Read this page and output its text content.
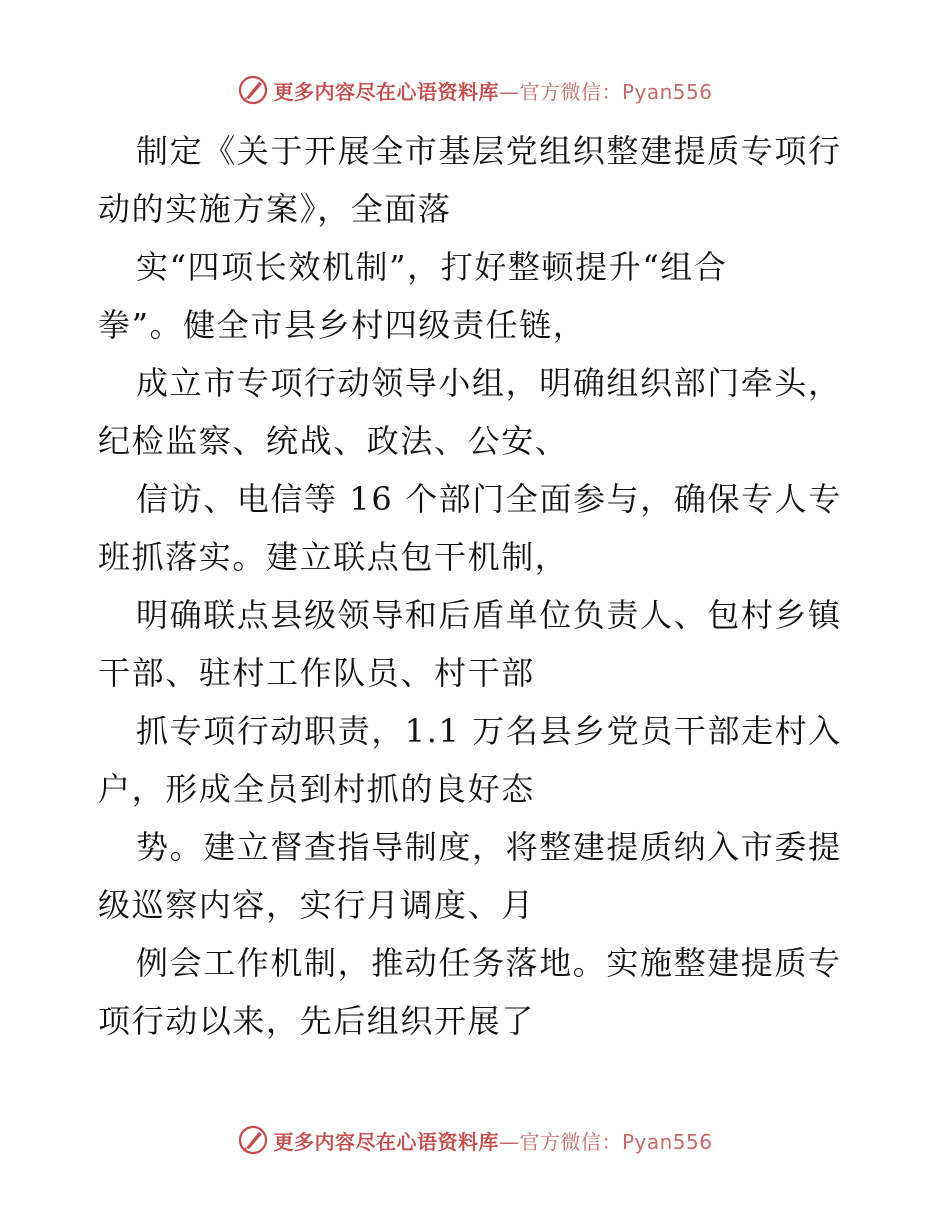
更多内容尽在心语资料库—官方微信：Pyan556
制定《关于开展全市基层党组织整建提质专项行
动的实施方案》，全面落
实“四项长效机制”，打好整顿提升“组合
拳”。健全市县乡村四级责任链，
成立市专项行动领导小组，明确组织部门牵头，
纪检监察、统战、政法、公安、
信访、电信等 16 个部门全面参与，确保专人专
班抓落实。建立联点包干机制，
明确联点县级领导和后盾单位负责人、包村乡镇
干部、驻村工作队员、村干部
抓专项行动职责，1.1 万名县乡党员干部走村入
户，形成全员到村抓的良好态
势。建立督查指导制度，将整建提质纳入市委提
级巡察内容，实行月调度、月
例会工作机制，推动任务落地。实施整建提质专
项行动以来，先后组织开展了
更多内容尽在心语资料库—官方微信：Pyan556
